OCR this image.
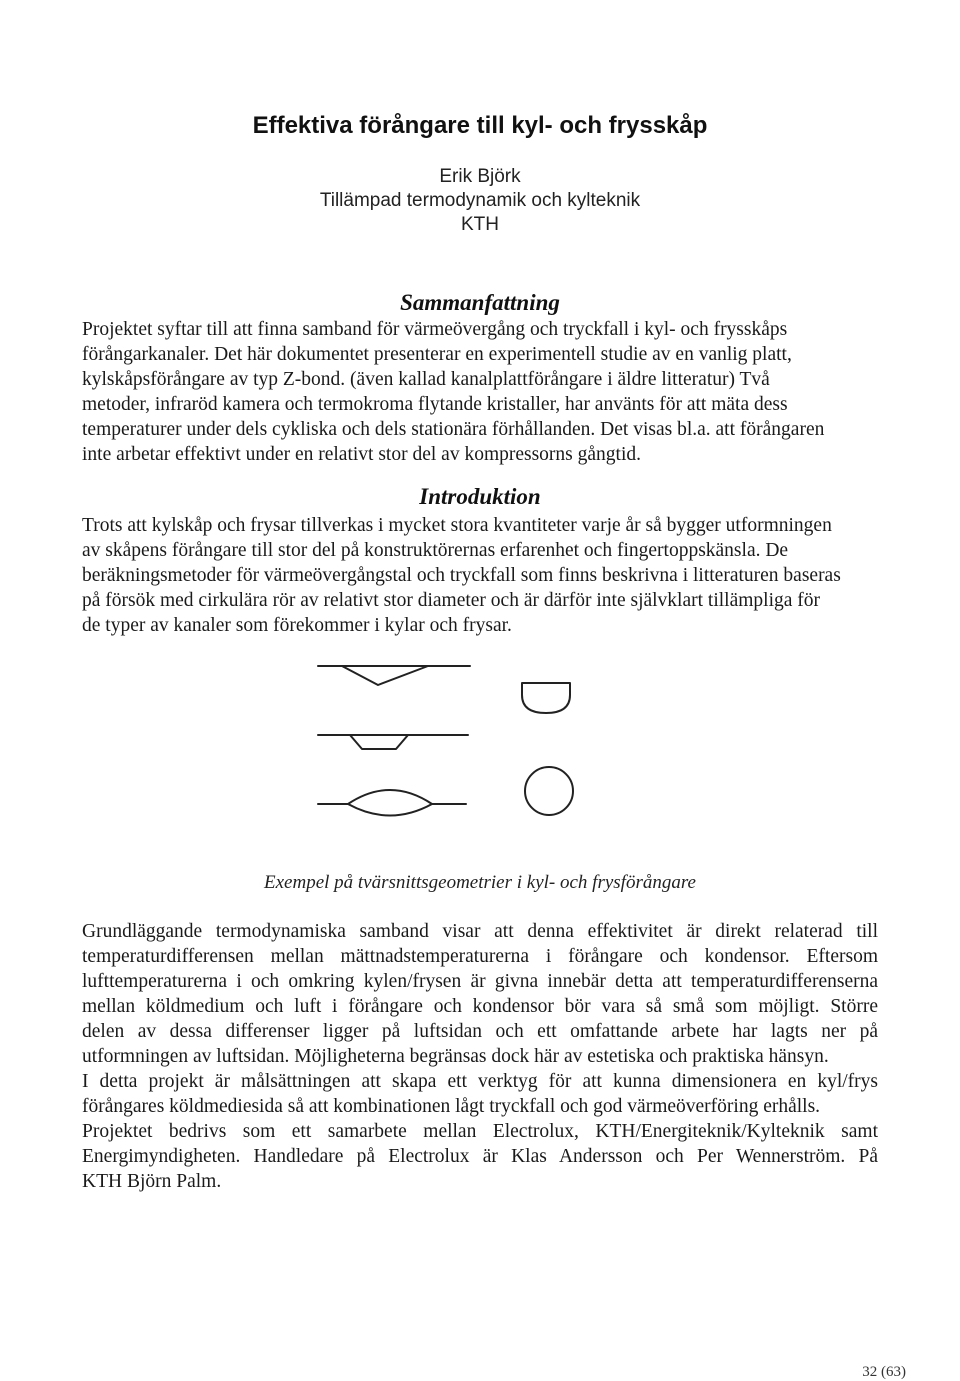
Effektiva förångare till kyl- och frysskåp
Erik Björk
Tillämpad termodynamik och kylteknik
KTH
Sammanfattning
Projektet syftar till att finna samband för värmeövergång och tryckfall i kyl- och frysskåps
förångarkanaler. Det här dokumentet presenterar en experimentell studie av en vanlig platt,
kylskåpsförångare av typ Z-bond. (även kallad kanalplattförångare i äldre litteratur) Två
metoder, infraröd kamera och termokroma flytande kristaller, har använts för att mäta dess
temperaturer under dels cykliska och dels stationära förhållanden. Det visas bl.a. att förångaren
inte arbetar effektivt under en relativt stor del av kompressorns gångtid.
Introduktion
Trots att kylskåp och frysar tillverkas i mycket stora kvantiteter varje år så bygger utformningen
av skåpens förångare till stor del på konstruktörernas erfarenhet och fingertoppskänsla. De
beräkningsmetoder för värmeövergångstal och tryckfall som finns beskrivna i litteraturen baseras
på försök med cirkulära rör av relativt stor diameter och är därför inte självklart tillämpliga för
de typer av kanaler som förekommer i kylar och frysar.
Exempel på tvärsnittsgeometrier i kyl- och frysförångare
Grundläggande termodynamiska samband visar att denna effektivitet är direkt relaterad till
temperaturdifferensen mellan mättnadstemperaturerna i förångare och kondensor. Eftersom
lufttemperaturerna i och omkring kylen/frysen är givna innebär detta att temperaturdifferenserna
mellan köldmedium och luft i förångare och kondensor bör vara så små som möjligt. Större
delen av dessa differenser ligger på luftsidan och ett omfattande arbete har lagts ner på
utformningen av luftsidan. Möjligheterna begränsas dock här av estetiska och praktiska hänsyn.
I detta projekt är målsättningen att skapa ett verktyg för att kunna dimensionera en kyl/frys
förångares köldmediesida så att kombinationen lågt tryckfall och god värmeöverföring erhålls.
Projektet bedrivs som ett samarbete mellan Electrolux, KTH/Energiteknik/Kylteknik samt
Energimyndigheten. Handledare på Electrolux är Klas Andersson och Per Wennerström. På
KTH Björn Palm.
32 (63)
